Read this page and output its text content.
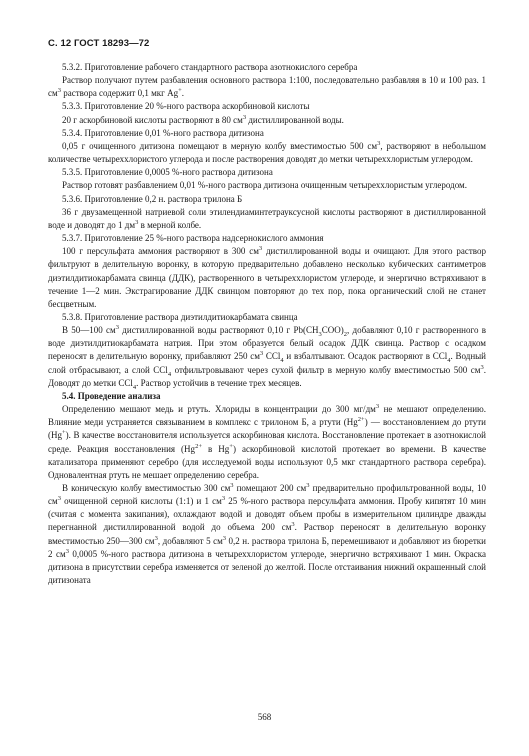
С. 12 ГОСТ 18293—72

5.3.2. Приготовление рабочего стандартного раствора азотнокислого серебра

Раствор получают путем разбавления основного раствора 1:100, последовательно разбавляя в 10 и 100 раз. 1 $см^3$ раствора содержит 0,1 мкг Ag+.

5.3.3. Приготовление 20 %-ного раствора аскорбиновой кислоты

20 г аскорбиновой кислоты растворяют в 80 $см^3$ дистиллированной воды.

5.3.4. Приготовление 0,01 %-ного раствора дитизона

0,05 г очищенного дитизона помещают в мерную колбу вместимостью 500 $см^3$, растворяют в небольшом количестве четыреххлористого углерода и после растворения доводят до метки четыреххлористым углеродом.

5.3.5. Приготовление 0,0005 %-ного раствора дитизона

Раствор готовят разбавлением 0,01 %-ного раствора дитизона очищенным четыреххлористым углеродом.

5.3.6. Приготовление 0,2 н. раствора трилона Б

36 г двузамещенной натриевой соли этилендиаминтетрауксусной кислоты растворяют в дистиллированной воде и доводят до 1 $дм^3$ в мерной колбе.

5.3.7. Приготовление 25 %-ного раствора надсернокислого аммония

100 г персульфата аммония растворяют в 300 $см^3$ дистиллированной воды и очищают. Для этого раствор фильтруют в делительную воронку, в которую предварительно добавлено несколько кубических сантиметров диэтилдитиокарбамата свинца (ДДК), растворенного в четыреххлористом углероде, и энергично встряхивают в течение 1—2 мин. Экстрагирование ДДК свинцом повторяют до тех пор, пока органический слой не станет бесцветным.

5.3.8. Приготовление раствора диэтилдитиокарбамата свинца

В 50—100 $см^3$ дистиллированной воды растворяют 0,10 г $Pb(CH_3COO)_2$, добавляют 0,10 г растворенного в воде диэтилдитиокарбамата натрия. При этом образуется белый осадок ДДК свинца. Раствор с осадком переносят в делительную воронку, прибавляют 250 $см^3$ CCl$_4$ и взбалтывают. Осадок растворяют в CCl$_4$. Водный слой отбрасывают, а слой CCl$_4$ отфильтровывают через сухой фильтр в мерную колбу вместимостью 500 $см^3$. Доводят до метки CCl$_4$. Раствор устойчив в течение трех месяцев.

5.4. Проведение анализа

Определению мешают медь и ртуть. Хлориды в концентрации до 300 $мг/дм^3$ не мешают определению. Влияние меди устраняется связыванием в комплекс с трилоном Б, а ртути $(Hg^{2+})$ — восстановлением до ртути (Hg+). В качестве восстановителя используется аскорбиновая кислота. Восстановление протекает в азотнокислой среде. Реакция восстановления ($Hg^{2+}$ в Hg+) аскорбиновой кислотой протекает во времени. В качестве катализатора применяют серебро (для исследуемой воды используют 0,5 мкг стандартного раствора серебра). Одновалентная ртуть не мешает определению серебра.

В коническую колбу вместимостью 300 $см^3$ помещают 200 $см^3$ предварительно профильтрованной воды, 10 $см^3$ очищенной серной кислоты (1:1) и 1 $см^3$ 25 %-ного раствора персульфата аммония. Пробу кипятят 10 мин (считая с момента закипания), охлаждают водой и доводят объем пробы в измерительном цилиндре дважды перегнанной дистиллированной водой до объема 200 $см^3$. Раствор переносят в делительную воронку вместимостью 250—300 $см^3$, добавляют 5 $см^3$ 0,2 н. раствора трилона Б, перемешивают и добавляют из бюретки 2 $см^3$ 0,0005 %-ного раствора дитизона в четыреххлористом углероде, энергично встряхивают 1 мин. Окраска дитизона в присутствии серебра изменяется от зеленой до желтой. После отстаивания нижний окрашенный слой дитизоната

568
